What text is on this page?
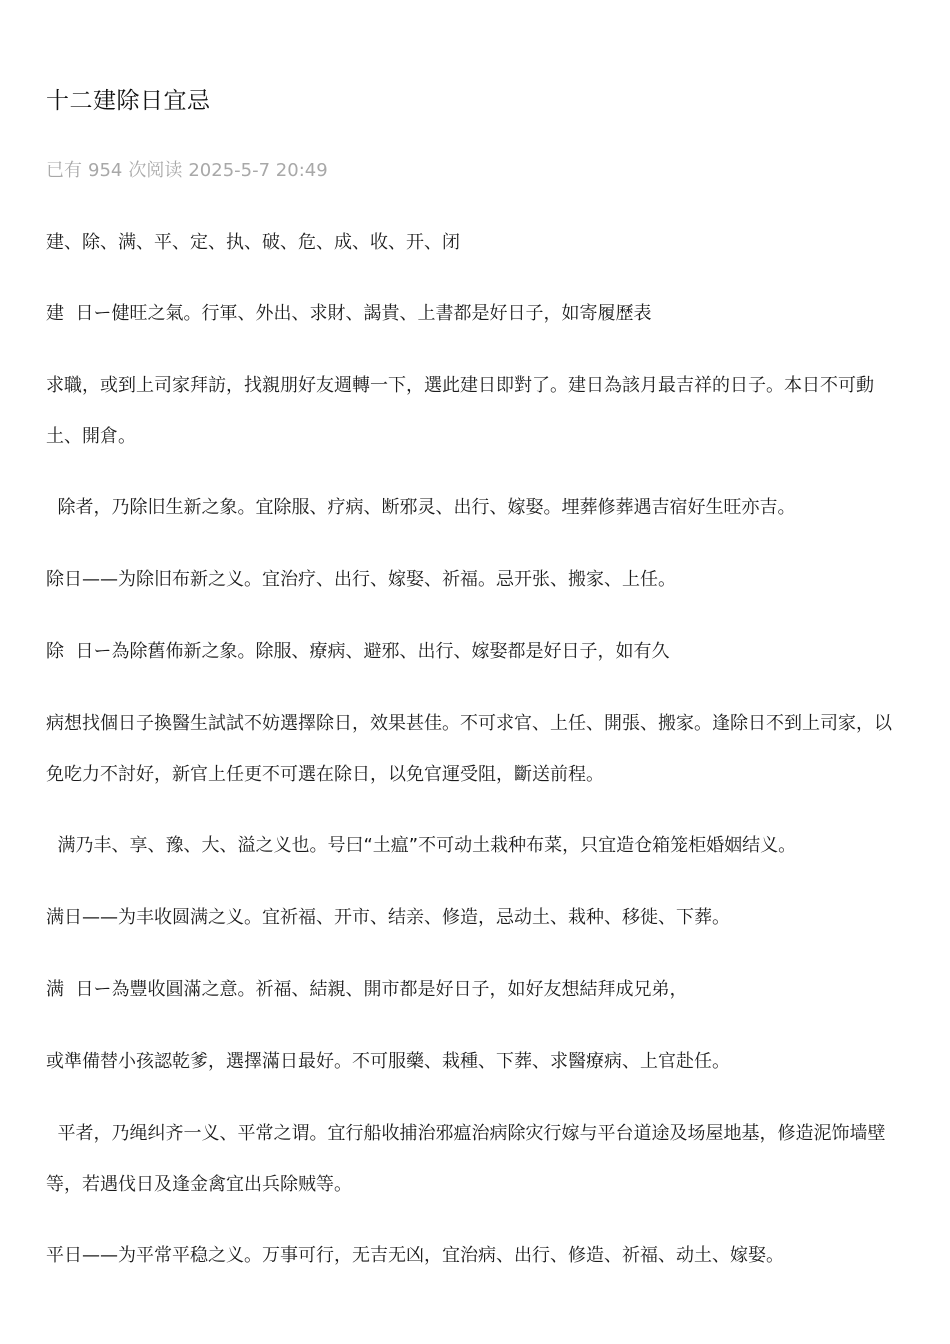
十二建除日宜忌
已有 954 次阅读 2025-5-7 20:49

建、除、满、平、定、执、破、危、成、收、开、闭

建  日ー健旺之氣。行軍、外出、求財、謁貴、上書都是好日子，如寄履歷表

求職，或到上司家拜訪，找親朋好友週轉一下，選此建日即對了。建日為該月最吉祥的日子。本日不可動土、開倉。

除者，乃除旧生新之象。宜除服、疗病、断邪灵、出行、嫁娶。埋葬修葬遇吉宿好生旺亦吉。

除日——为除旧布新之义。宜治疗、出行、嫁娶、祈福。忌开张、搬家、上任。

除  日ー為除舊佈新之象。除服、療病、避邪、出行、嫁娶都是好日子，如有久

病想找個日子換醫生試試不妨選擇除日，效果甚佳。不可求官、上任、開張、搬家。逢除日不到上司家，以免吃力不討好，新官上任更不可選在除日，以免官運受阻，斷送前程。

满乃丰、享、豫、大、溢之义也。号曰“土瘟”不可动土栽种布菜，只宜造仓箱笼柜婚姻结义。

满日——为丰收圆满之义。宜祈福、开市、结亲、修造，忌动土、栽种、移徙、下葬。

满  日ー為豐收圓滿之意。祈福、結親、開市都是好日子，如好友想結拜成兄弟，

或準備替小孩認乾爹，選擇滿日最好。不可服藥、栽種、下葬、求醫療病、上官赴任。

平者，乃绳纠齐一义、平常之谓。宜行船收捕治邪瘟治病除灾行嫁与平台道途及场屋地基，修造泥饰墙壁等，若遇伐日及逢金禽宜出兵除贼等。

平日——为平常平稳之义。万事可行，无吉无凶，宜治病、出行、修造、祈福、动土、嫁娶。
